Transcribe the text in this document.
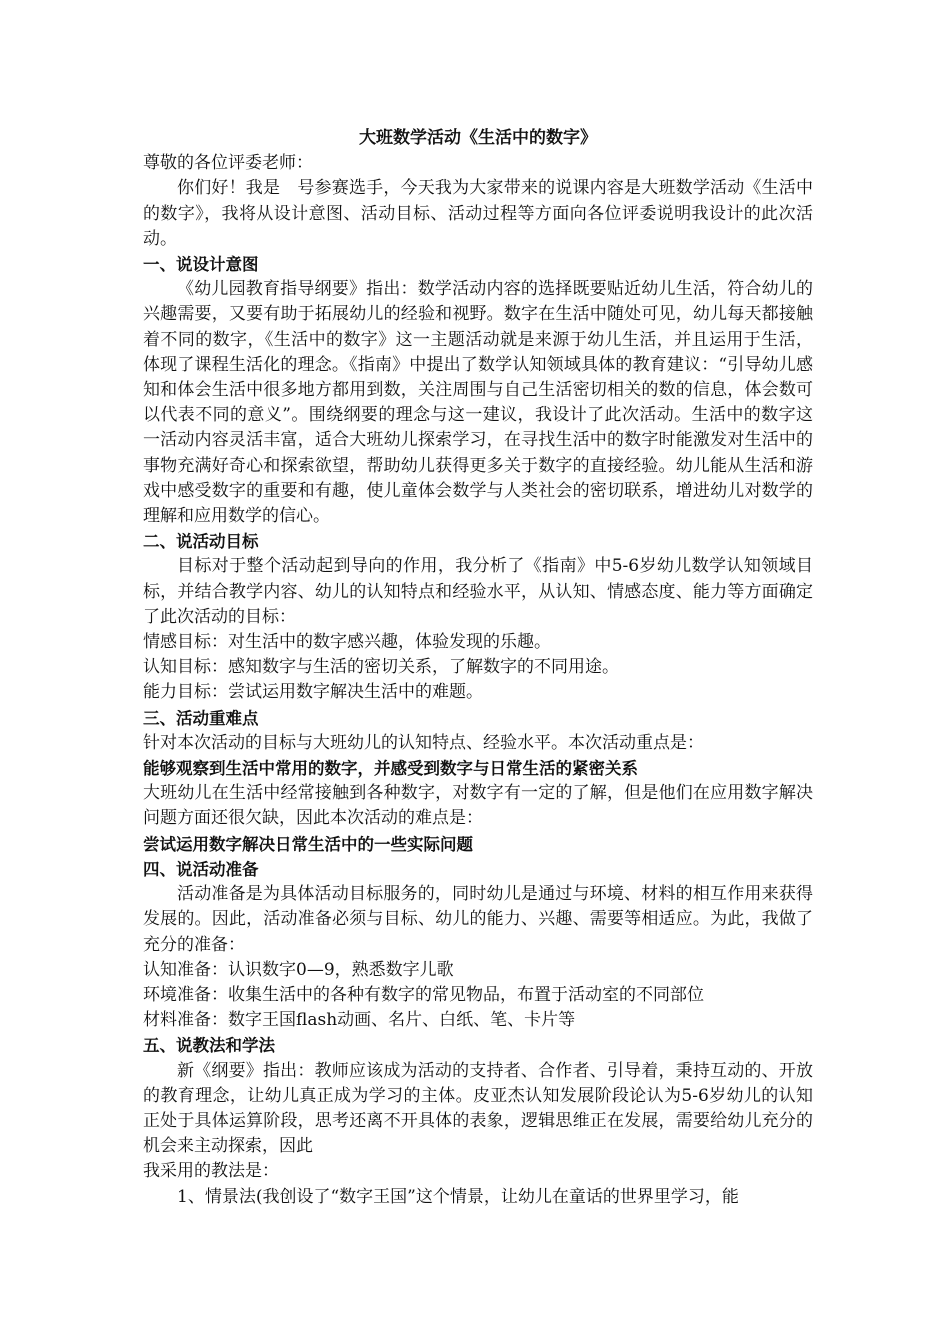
大班数学活动《生活中的数字》
尊敬的各位评委老师：

你们好！我是　号参赛选手，今天我为大家带来的说课内容是大班数学活动《生活中的数字》，我将从设计意图、活动目标、活动过程等方面向各位评委说明我设计的此次活动。

一、说设计意图

《幼儿园教育指导纲要》指出：数学活动内容的选择既要贴近幼儿生活，符合幼儿的兴趣需要，又要有助于拓展幼儿的经验和视野。数字在生活中随处可见，幼儿每天都接触着不同的数字，《生活中的数字》这一主题活动就是来源于幼儿生活，并且运用于生活，体现了课程生活化的理念。《指南》中提出了数学认知领域具体的教育建议：“引导幼儿感知和体会生活中很多地方都用到数，关注周围与自己生活密切相关的数的信息，体会数可以代表不同的意义”。围绕纲要的理念与这一建议，我设计了此次活动。生活中的数字这一活动内容灵活丰富，适合大班幼儿探索学习，在寻找生活中的数字时能激发对生活中的事物充满好奇心和探索欲望，帮助幼儿获得更多关于数字的直接经验。幼儿能从生活和游戏中感受数字的重要和有趣，使儿童体会数学与人类社会的密切联系，增进幼儿对数学的理解和应用数学的信心。

二、说活动目标

目标对于整个活动起到导向的作用，我分析了《指南》中5-6岁幼儿数学认知领域目标，并结合教学内容、幼儿的认知特点和经验水平，从认知、情感态度、能力等方面确定了此次活动的目标：

情感目标：对生活中的数字感兴趣，体验发现的乐趣。
认知目标：感知数字与生活的密切关系，了解数字的不同用途。
能力目标：尝试运用数字解决生活中的难题。
三、活动重难点
针对本次活动的目标与大班幼儿的认知特点、经验水平。本次活动重点是：
能够观察到生活中常用的数字，并感受到数字与日常生活的紧密关系

大班幼儿在生活中经常接触到各种数字，对数字有一定的了解，但是他们在应用数字解决问题方面还很欠缺，因此本次活动的难点是：

尝试运用数字解决日常生活中的一些实际问题
四、说活动准备

活动准备是为具体活动目标服务的，同时幼儿是通过与环境、材料的相互作用来获得发展的。因此，活动准备必须与目标、幼儿的能力、兴趣、需要等相适应。为此，我做了充分的准备：

认知准备：认识数字0—9，熟悉数字儿歌
环境准备：收集生活中的各种有数字的常见物品，布置于活动室的不同部位
材料准备：数字王国flash动画、名片、白纸、笔、卡片等
五、说教法和学法

新《纲要》指出：教师应该成为活动的支持者、合作者、引导着，秉持互动的、开放的教育理念，让幼儿真正成为学习的主体。皮亚杰认知发展阶段论认为5-6岁幼儿的认知正处于具体运算阶段，思考还离不开具体的表象，逻辑思维正在发展，需要给幼儿充分的机会来主动探索，因此

我采用的教法是：
1、情景法(我创设了“数字王国”这个情景，让幼儿在童话的世界里学习，能
